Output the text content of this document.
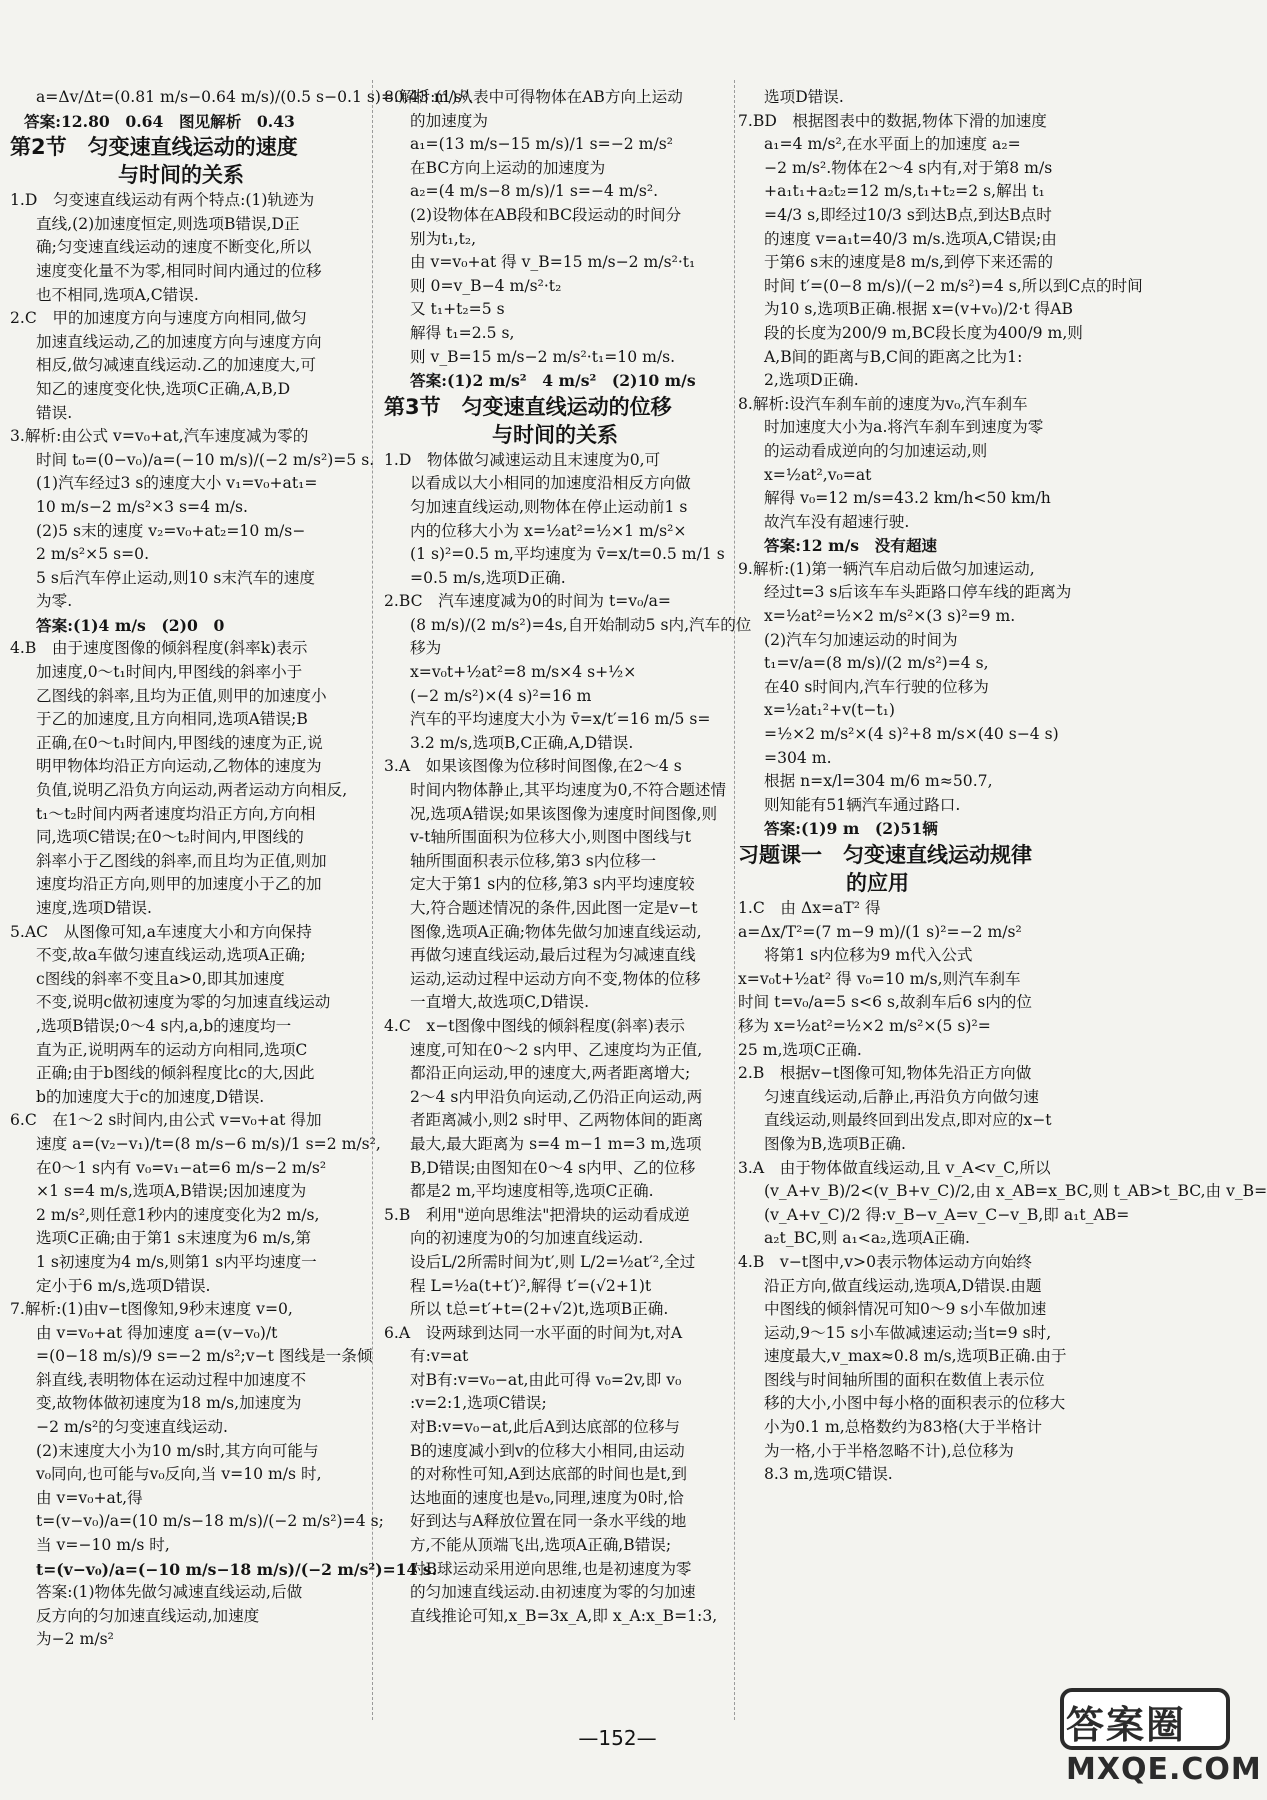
a=Δv/Δt=(0.81 m/s−0.64 m/s)/(0.5 s−0.1 s)=0.43 m/s².
答案:12.80　0.64　图见解析　0.43
第2节　匀变速直线运动的速度
与时间的关系
1.D　匀变速直线运动有两个特点:(1)轨迹为
直线,(2)加速度恒定,则选项B错误,D正
确;匀变速直线运动的速度不断变化,所以
速度变化量不为零,相同时间内通过的位移
也不相同,选项A,C错误.
2.C　甲的加速度方向与速度方向相同,做匀
加速直线运动,乙的加速度方向与速度方向
相反,做匀减速直线运动.乙的加速度大,可
知乙的速度变化快,选项C正确,A,B,D
错误.
3.解析:由公式 v=v₀+at,汽车速度减为零的
时间 t₀=(0−v₀)/a=(−10 m/s)/(−2 m/s²)=5 s.
(1)汽车经过3 s的速度大小 v₁=v₀+at₁=
10 m/s−2 m/s²×3 s=4 m/s.
(2)5 s末的速度 v₂=v₀+at₂=10 m/s−
2 m/s²×5 s=0.
5 s后汽车停止运动,则10 s末汽车的速度
为零.
答案:(1)4 m/s　(2)0　0
4.B　由于速度图像的倾斜程度(斜率k)表示
加速度,0～t₁时间内,甲图线的斜率小于
乙图线的斜率,且均为正值,则甲的加速度小
于乙的加速度,且方向相同,选项A错误;B
正确,在0～t₁时间内,甲图线的速度为正,说
明甲物体均沿正方向运动,乙物体的速度为
负值,说明乙沿负方向运动,两者运动方向相反,
t₁～t₂时间内两者速度均沿正方向,方向相
同,选项C错误;在0～t₂时间内,甲图线的
斜率小于乙图线的斜率,而且均为正值,则加
速度均沿正方向,则甲的加速度小于乙的加
速度,选项D错误.
5.AC　从图像可知,a车速度大小和方向保持
不变,故a车做匀速直线运动,选项A正确;
c图线的斜率不变且a>0,即其加速度
不变,说明c做初速度为零的匀加速直线运动
,选项B错误;0～4 s内,a,b的速度均一
直为正,说明两车的运动方向相同,选项C
正确;由于b图线的倾斜程度比c的大,因此
b的加速度大于c的加速度,D错误.
6.C　在1～2 s时间内,由公式 v=v₀+at 得加
速度 a=(v₂−v₁)/t=(8 m/s−6 m/s)/1 s=2 m/s²,
在0～1 s内有 v₀=v₁−at=6 m/s−2 m/s²
×1 s=4 m/s,选项A,B错误;因加速度为
2 m/s²,则任意1秒内的速度变化为2 m/s,
选项C正确;由于第1 s末速度为6 m/s,第
1 s初速度为4 m/s,则第1 s内平均速度一
定小于6 m/s,选项D错误.
7.解析:(1)由v−t图像知,9秒末速度 v=0,
由 v=v₀+at 得加速度 a=(v−v₀)/t
=(0−18 m/s)/9 s=−2 m/s²;v−t 图线是一条倾
斜直线,表明物体在运动过程中加速度不
变,故物体做初速度为18 m/s,加速度为
−2 m/s²的匀变速直线运动.
(2)末速度大小为10 m/s时,其方向可能与
v₀同向,也可能与v₀反向,当 v=10 m/s 时,
由 v=v₀+at,得
t=(v−v₀)/a=(10 m/s−18 m/s)/(−2 m/s²)=4 s;
当 v=−10 m/s 时,
t=(v−v₀)/a=(−10 m/s−18 m/s)/(−2 m/s²)=14 s.
答案:(1)物体先做匀减速直线运动,后做
反方向的匀加速直线运动,加速度
为−2 m/s²
8.解析:(1)从表中可得物体在AB方向上运动
的加速度为
a₁=(13 m/s−15 m/s)/1 s=−2 m/s²
在BC方向上运动的加速度为
a₂=(4 m/s−8 m/s)/1 s=−4 m/s².
(2)设物体在AB段和BC段运动的时间分
别为t₁,t₂,
由 v=v₀+at 得 v_B=15 m/s−2 m/s²·t₁
则 0=v_B−4 m/s²·t₂
又 t₁+t₂=5 s
解得 t₁=2.5 s,
则 v_B=15 m/s−2 m/s²·t₁=10 m/s.
答案:(1)2 m/s²　4 m/s²　(2)10 m/s
第3节　匀变速直线运动的位移
与时间的关系
1.D　物体做匀减速运动且末速度为0,可
以看成以大小相同的加速度沿相反方向做
匀加速直线运动,则物体在停止运动前1 s
内的位移大小为 x=½at²=½×1 m/s²×
(1 s)²=0.5 m,平均速度为 v̄=x/t=0.5 m/1 s
=0.5 m/s,选项D正确.
2.BC　汽车速度减为0的时间为 t=v₀/a=
(8 m/s)/(2 m/s²)=4s,自开始制动5 s内,汽车的位
移为
x=v₀t+½at²=8 m/s×4 s+½×
(−2 m/s²)×(4 s)²=16 m
汽车的平均速度大小为 v̄=x/t′=16 m/5 s=
3.2 m/s,选项B,C正确,A,D错误.
3.A　如果该图像为位移时间图像,在2～4 s
时间内物体静止,其平均速度为0,不符合题述情
况,选项A错误;如果该图像为速度时间图像,则
v-t轴所围面积为位移大小,则图中图线与t
轴所围面积表示位移,第3 s内位移一
定大于第1 s内的位移,第3 s内平均速度较
大,符合题述情况的条件,因此图一定是v−t
图像,选项A正确;物体先做匀加速直线运动,
再做匀速直线运动,最后过程为匀减速直线
运动,运动过程中运动方向不变,物体的位移
一直增大,故选项C,D错误.
4.C　x−t图像中图线的倾斜程度(斜率)表示
速度,可知在0～2 s内甲、乙速度均为正值,
都沿正向运动,甲的速度大,两者距离增大;
2～4 s内甲沿负向运动,乙仍沿正向运动,两
者距离减小,则2 s时甲、乙两物体间的距离
最大,最大距离为 s=4 m−1 m=3 m,选项
B,D错误;由图知在0～4 s内甲、乙的位移
都是2 m,平均速度相等,选项C正确.
5.B　利用"逆向思维法"把滑块的运动看成逆
向的初速度为0的匀加速直线运动.
设后L/2所需时间为t′,则 L/2=½at′²,全过
程 L=½a(t+t′)²,解得 t′=(√2+1)t
所以 t总=t′+t=(2+√2)t,选项B正确.
6.A　设两球到达同一水平面的时间为t,对A
有:v=at
对B有:v=v₀−at,由此可得 v₀=2v,即 v₀
:v=2:1,选项C错误;
对B:v=v₀−at,此后A到达底部的位移与
B的速度减小到v的位移大小相同,由运动
的对称性可知,A到达底部的时间也是t,到
达地面的速度也是v₀,同理,速度为0时,恰
好到达与A释放位置在同一条水平线的地
方,不能从顶端飞出,选项A正确,B错误;
对B球运动采用逆向思维,也是初速度为零
的匀加速直线运动.由初速度为零的匀加速
直线推论可知,x_B=3x_A,即 x_A:x_B=1:3,
选项D错误.
7.BD　根据图表中的数据,物体下滑的加速度
a₁=4 m/s²,在水平面上的加速度 a₂=
−2 m/s².物体在2～4 s内有,对于第8 m/s
+a₁t₁+a₂t₂=12 m/s,t₁+t₂=2 s,解出 t₁
=4/3 s,即经过10/3 s到达B点,到达B点时
的速度 v=a₁t=40/3 m/s.选项A,C错误;由
于第6 s末的速度是8 m/s,到停下来还需的
时间 t′=(0−8 m/s)/(−2 m/s²)=4 s,所以到C点的时间
为10 s,选项B正确.根据 x=(v+v₀)/2·t 得AB
段的长度为200/9 m,BC段长度为400/9 m,则
A,B间的距离与B,C间的距离之比为1:
2,选项D正确.
8.解析:设汽车刹车前的速度为v₀,汽车刹车
时加速度大小为a.将汽车刹车到速度为零
的运动看成逆向的匀加速运动,则
x=½at²,v₀=at
解得 v₀=12 m/s=43.2 km/h<50 km/h
故汽车没有超速行驶.
答案:12 m/s　没有超速
9.解析:(1)第一辆汽车启动后做匀加速运动,
经过t=3 s后该车车头距路口停车线的距离为
x=½at²=½×2 m/s²×(3 s)²=9 m.
(2)汽车匀加速运动的时间为
t₁=v/a=(8 m/s)/(2 m/s²)=4 s,
在40 s时间内,汽车行驶的位移为
x=½at₁²+v(t−t₁)
=½×2 m/s²×(4 s)²+8 m/s×(40 s−4 s)
=304 m.
根据 n=x/l=304 m/6 m≈50.7,
则知能有51辆汽车通过路口.
答案:(1)9 m　(2)51辆
习题课一　匀变速直线运动规律
的应用
1.C　由 Δx=aT² 得
a=Δx/T²=(7 m−9 m)/(1 s)²=−2 m/s²
将第1 s内位移为9 m代入公式
x=v₀t+½at² 得 v₀=10 m/s,则汽车刹车
时间 t=v₀/a=5 s<6 s,故刹车后6 s内的位
移为 x=½at²=½×2 m/s²×(5 s)²=
25 m,选项C正确.
2.B　根据v−t图像可知,物体先沿正方向做
匀速直线运动,后静止,再沿负方向做匀速
直线运动,则最终回到出发点,即对应的x−t
图像为B,选项B正确.
3.A　由于物体做直线运动,且 v_A<v_C,所以
(v_A+v_B)/2<(v_B+v_C)/2,由 x_AB=x_BC,则 t_AB>t_BC,由 v_B=
(v_A+v_C)/2 得:v_B−v_A=v_C−v_B,即 a₁t_AB=
a₂t_BC,则 a₁<a₂,选项A正确.
4.B　v−t图中,v>0表示物体运动方向始终
沿正方向,做直线运动,选项A,D错误.由题
中图线的倾斜情况可知0～9 s小车做加速
运动,9～15 s小车做减速运动;当t=9 s时,
速度最大,v_max≈0.8 m/s,选项B正确.由于
图线与时间轴所围的面积在数值上表示位
移的大小,小图中每小格的面积表示的位移大
小为0.1 m,总格数约为83格(大于半格计
为一格,小于半格忽略不计),总位移为
8.3 m,选项C错误.
—152—	答案圈
MXQE.COM
